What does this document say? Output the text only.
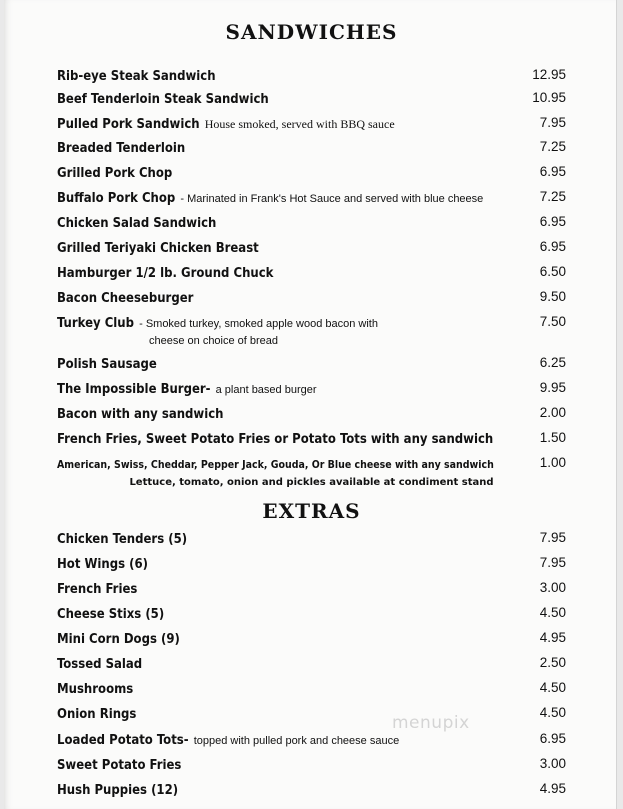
SANDWICHES
Rib-eye Steak Sandwich	12.95
Beef Tenderloin Steak Sandwich	10.95
Pulled Pork Sandwich House smoked, served with BBQ sauce	7.95
Breaded Tenderloin	7.25
Grilled Pork Chop	6.95
Buffalo Pork Chop - Marinated in Frank's Hot Sauce and served with blue cheese	7.25
Chicken Salad Sandwich	6.95
Grilled Teriyaki Chicken Breast	6.95
Hamburger 1/2 lb. Ground Chuck	6.50
Bacon Cheeseburger	9.50
Turkey Club - Smoked turkey, smoked apple wood bacon with	7.50
cheese on choice of bread
Polish Sausage	6.25
The Impossible Burger- a plant based burger	9.95
Bacon with any sandwich	2.00
French Fries, Sweet Potato Fries or Potato Tots with any sandwich	1.50
American, Swiss, Cheddar, Pepper Jack, Gouda, Or Blue cheese with any sandwich	1.00
Lettuce, tomato, onion and pickles available at condiment stand
EXTRAS
Chicken Tenders (5)	7.95
Hot Wings (6)	7.95
French Fries	3.00
Cheese Stixs (5)	4.50
Mini Corn Dogs (9)	4.95
Tossed Salad	2.50
Mushrooms	4.50
Onion Rings	4.50
Loaded Potato Tots- topped with pulled pork and cheese sauce	6.95
Sweet Potato Fries	3.00
Hush Puppies (12)	4.95
menupix
